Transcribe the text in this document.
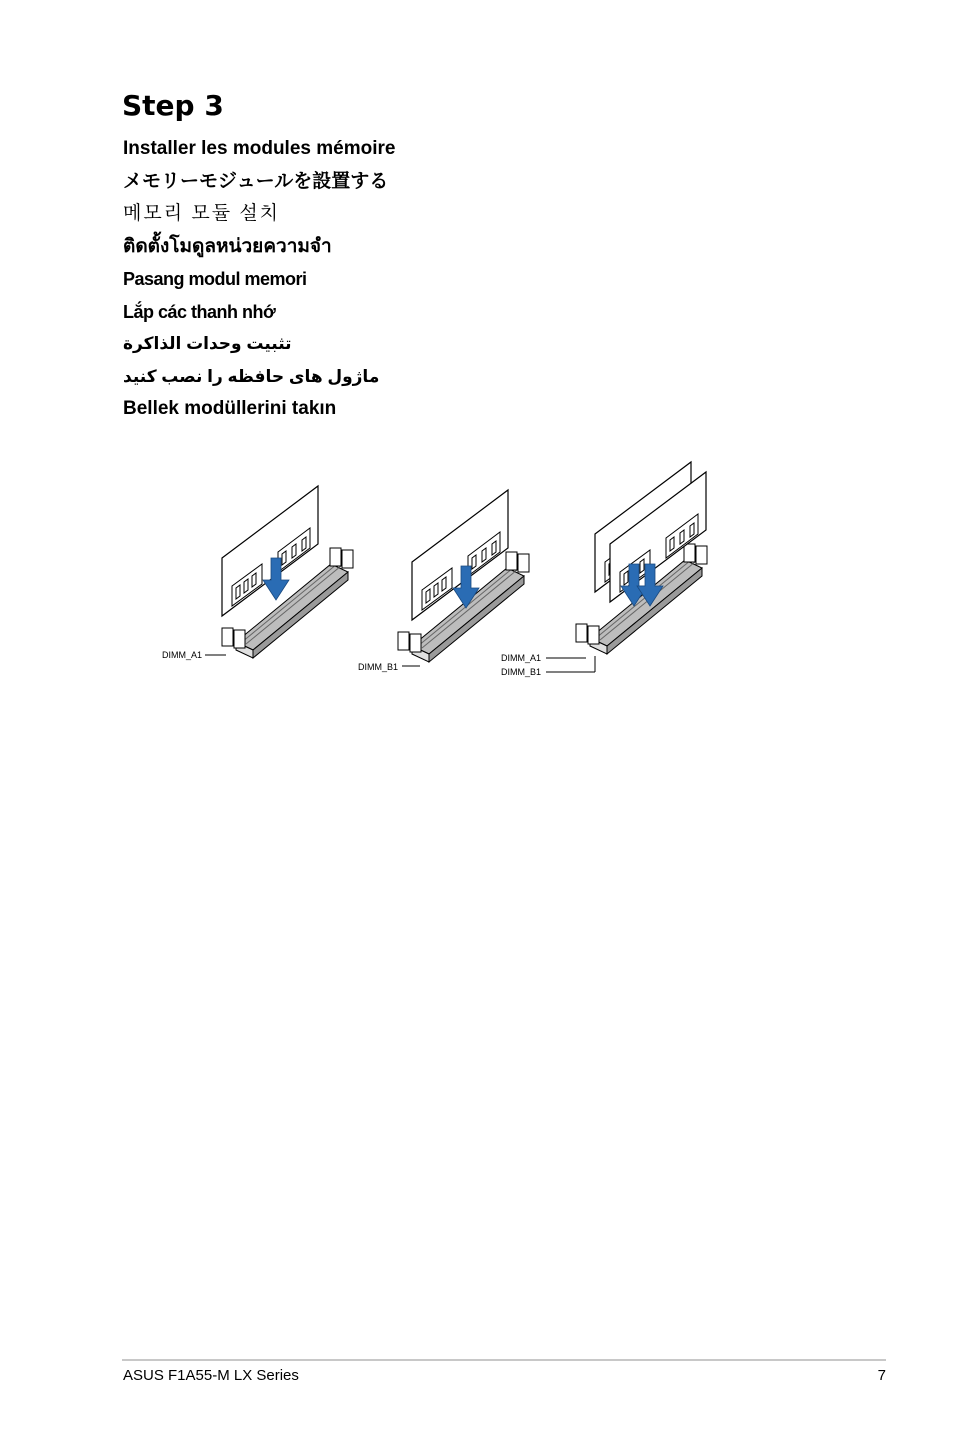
Step 3
Installer les modules mémoire
メモリーモジュールを設置する
메모리 모듈 설치
ติดตั้งโมดูลหน่วยความจำ
Pasang modul memori
Lắp các thanh nhớ
تثبيت وحدات الذاكرة
ماژول های حافظه را نصب کنید
Bellek modüllerini takın
DIMM_A1
DIMM_B1
DIMM_A1
DIMM_B1
ASUS F1A55-M LX Series	7
